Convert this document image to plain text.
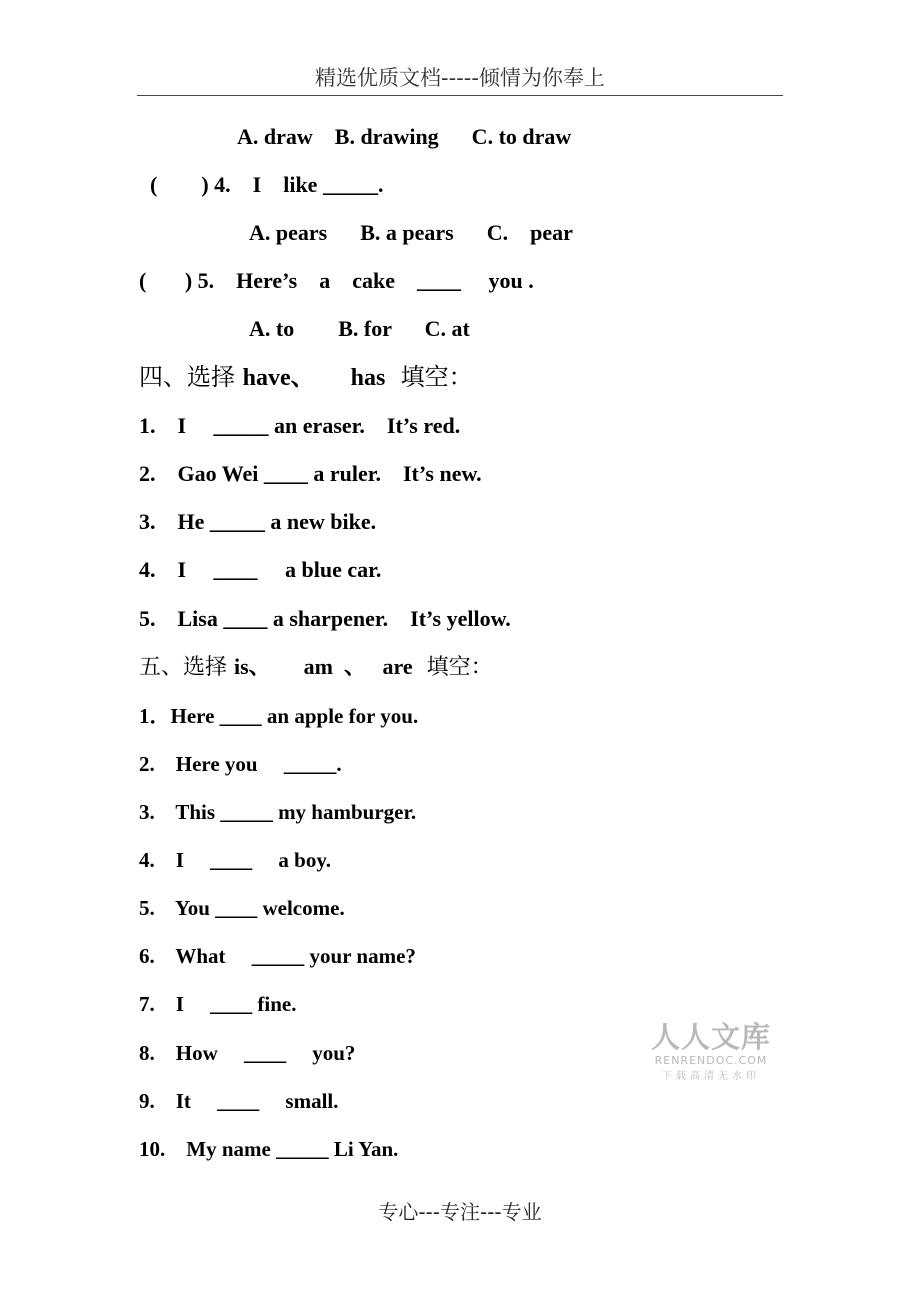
精选优质文档-----倾情为你奉上
A. draw    B. drawing      C. to draw
(        ) 4.    I    like _____.
A. pears      B. a pears      C.    pear
(       ) 5.    Here’s    a    cake    ____     you .
A. to        B. for      C. at
四、选择 have、      has  填空：
1.    I     _____ an eraser.    It’s red.
2.    Gao Wei ____ a ruler.    It’s new.
3.    He _____ a new bike.
4.    I     ____     a blue car.
5.    Lisa ____ a sharpener.    It’s yellow.
五、选择 is、      am  、   are  填空：
1．Here ____ an apple for you.
2.    Here you     _____.
3.    This _____ my hamburger.
4.    I     ____     a boy.
5.    You ____ welcome.
6.    What     _____ your name?
7.    I     ____ fine.
8.    How     ____     you?
9.    It     ____     small.
10.    My name _____ Li Yan.
人人文库
RENRENDOC.COM
下载高清无水印
专心---专注---专业
